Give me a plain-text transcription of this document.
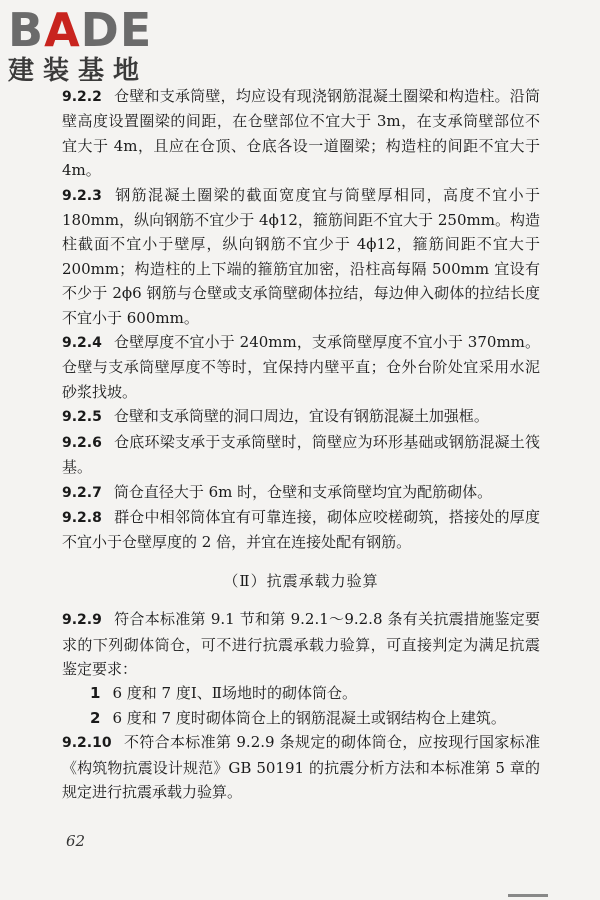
BADE
建装基地

9.2.2 仓壁和支承筒壁，均应设有现浇钢筋混凝土圈梁和构造柱。沿筒壁高度设置圈梁的间距，在仓壁部位不宜大于 3m，在支承筒壁部位不宜大于 4m，且应在仓顶、仓底各设一道圈梁；构造柱的间距不宜大于 4m。

9.2.3 钢筋混凝土圈梁的截面宽度宜与筒壁厚相同，高度不宜小于 180mm，纵向钢筋不宜少于 4ϕ12，箍筋间距不宜大于 250mm。构造柱截面不宜小于壁厚，纵向钢筋不宜少于 4ϕ12，箍筋间距不宜大于 200mm；构造柱的上下端的箍筋宜加密，沿柱高每隔 500mm 宜设有不少于 2ϕ6 钢筋与仓壁或支承筒壁砌体拉结，每边伸入砌体的拉结长度不宜小于 600mm。

9.2.4 仓壁厚度不宜小于 240mm，支承筒壁厚度不宜小于 370mm。仓壁与支承筒壁厚度不等时，宜保持内壁平直；仓外台阶处宜采用水泥砂浆找坡。

9.2.5 仓壁和支承筒壁的洞口周边，宜设有钢筋混凝土加强框。

9.2.6 仓底环梁支承于支承筒壁时，筒壁应为环形基础或钢筋混凝土筏基。

9.2.7 筒仓直径大于 6m 时，仓壁和支承筒壁均宜为配筋砌体。

9.2.8 群仓中相邻筒体宜有可靠连接，砌体应咬槎砌筑，搭接处的厚度不宜小于仓壁厚度的 2 倍，并宜在连接处配有钢筋。

（Ⅱ）抗震承载力验算

9.2.9 符合本标准第 9.1 节和第 9.2.1～9.2.8 条有关抗震措施鉴定要求的下列砌体筒仓，可不进行抗震承载力验算，可直接判定为满足抗震鉴定要求：

1 6 度和 7 度Ⅰ、Ⅱ场地时的砌体筒仓。

2 6 度和 7 度时砌体筒仓上的钢筋混凝土或钢结构仓上建筑。

9.2.10 不符合本标准第 9.2.9 条规定的砌体筒仓，应按现行国家标准《构筑物抗震设计规范》GB 50191 的抗震分析方法和本标准第 5 章的规定进行抗震承载力验算。

62
